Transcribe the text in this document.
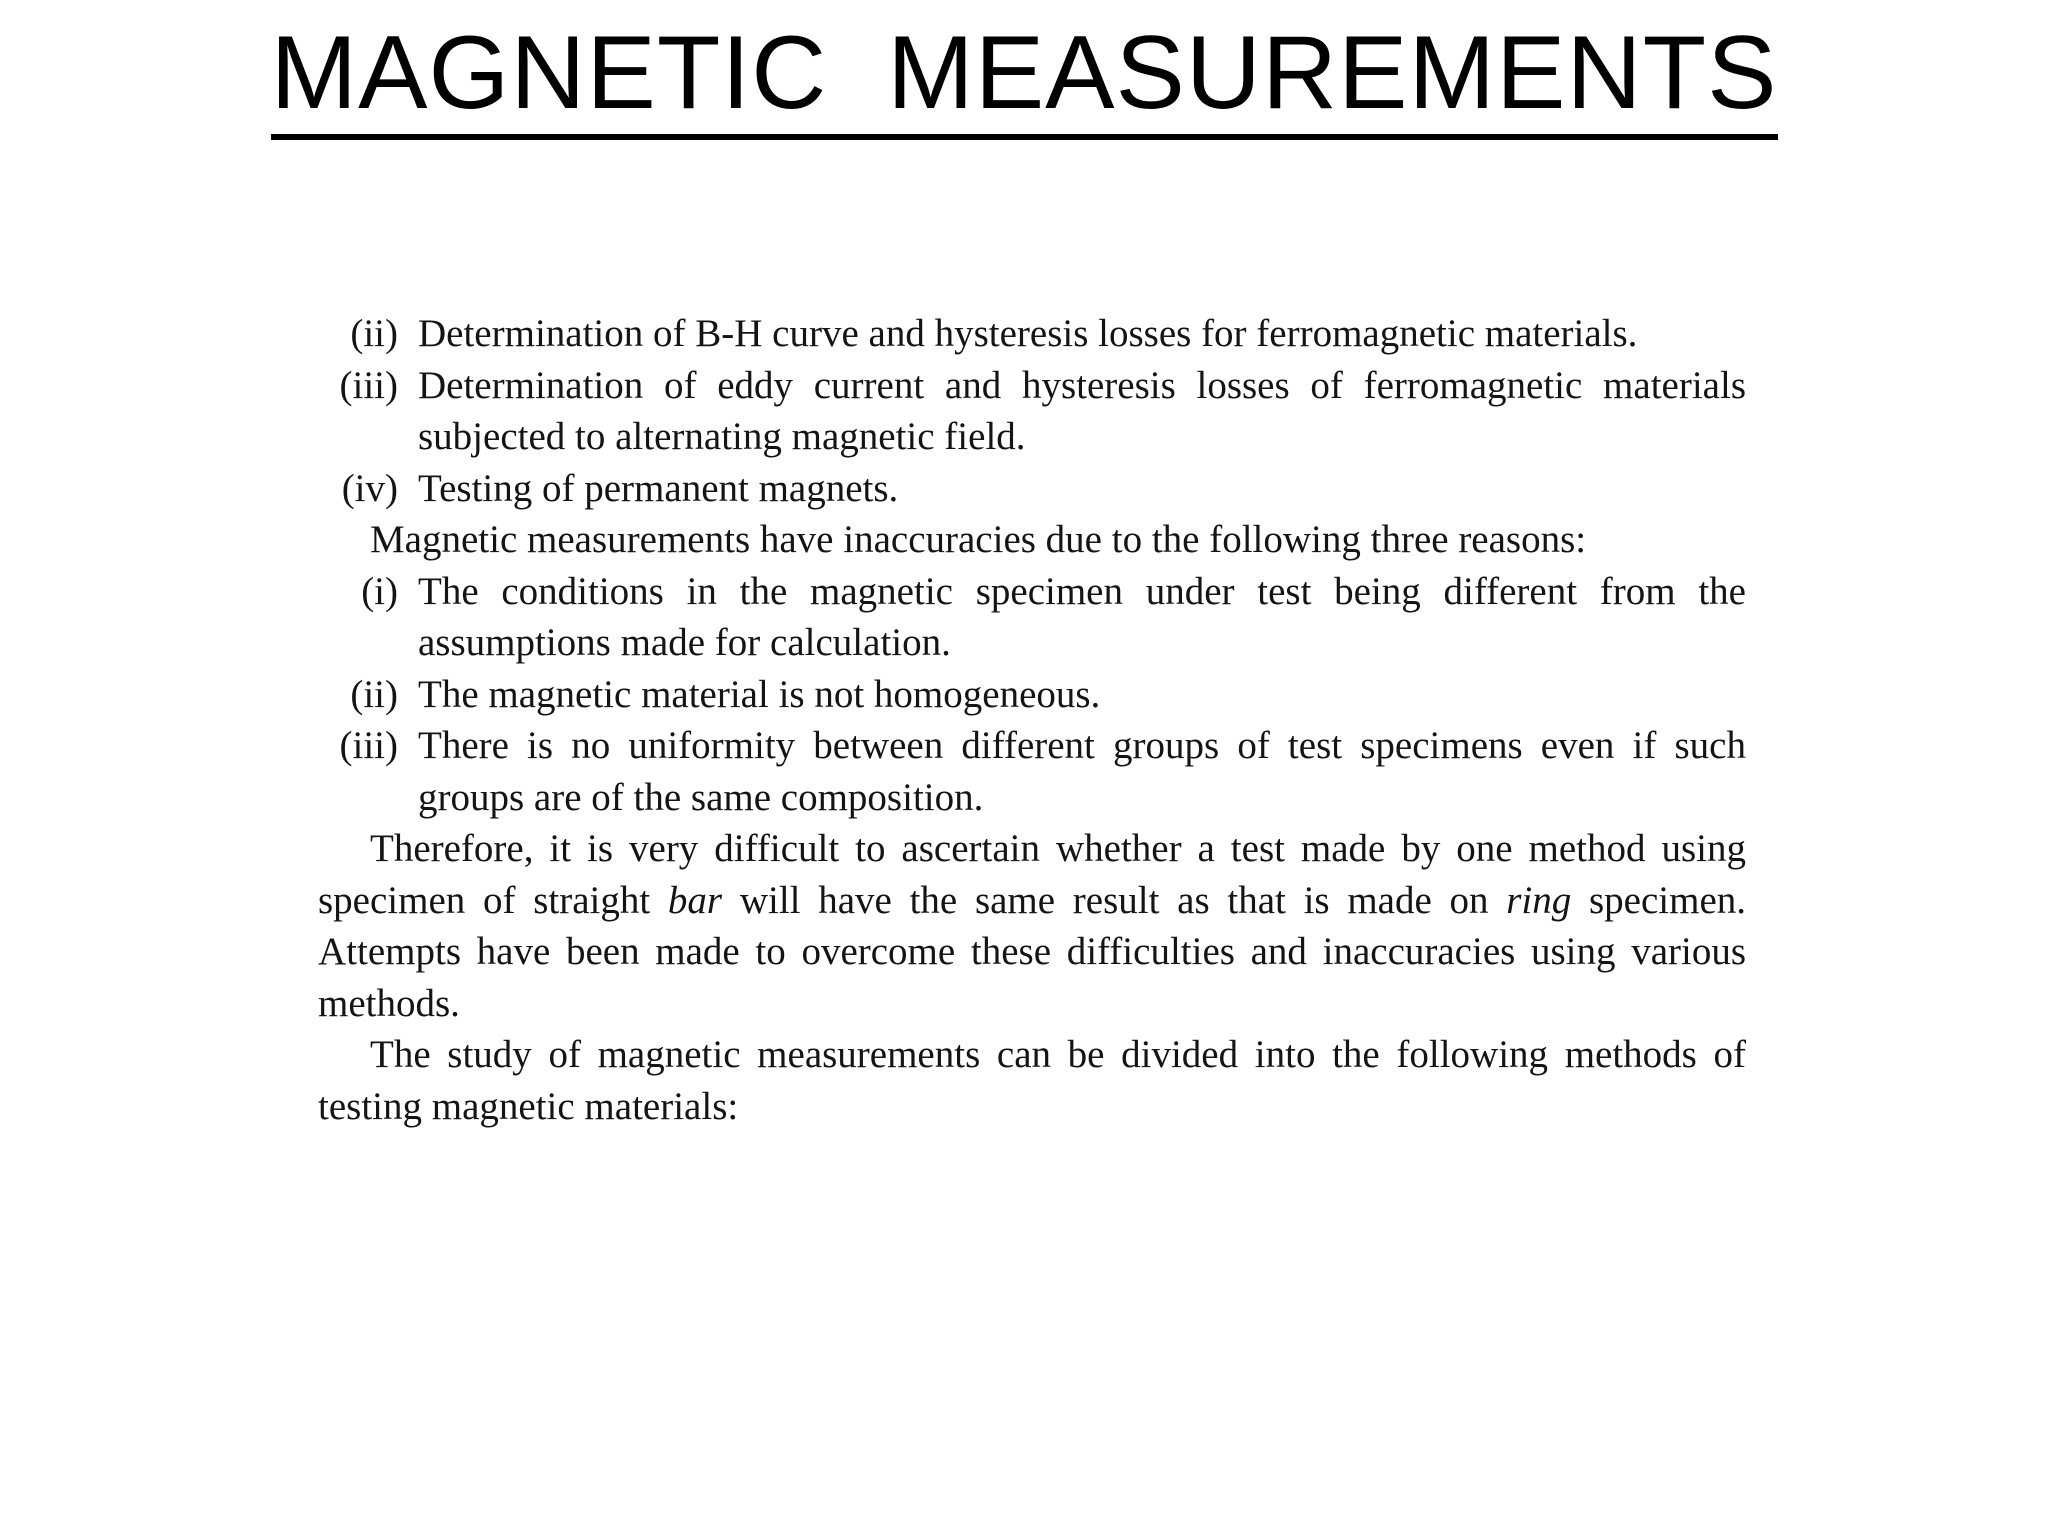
MAGNETIC  MEASUREMENTS
(ii) Determination of B-H curve and hysteresis losses for ferromagnetic materials.
(iii) Determination of eddy current and hysteresis losses of ferromagnetic materials subjected to alternating magnetic field.
(iv) Testing of permanent magnets.

Magnetic measurements have inaccuracies due to the following three reasons:

(i) The conditions in the magnetic specimen under test being different from the assumptions made for calculation.
(ii) The magnetic material is not homogeneous.
(iii) There is no uniformity between different groups of test specimens even if such groups are of the same composition.

Therefore, it is very difficult to ascertain whether a test made by one method using specimen of straight bar will have the same result as that is made on ring specimen. Attempts have been made to overcome these difficulties and inaccuracies using various methods.

The study of magnetic measurements can be divided into the following methods of testing magnetic materials:
